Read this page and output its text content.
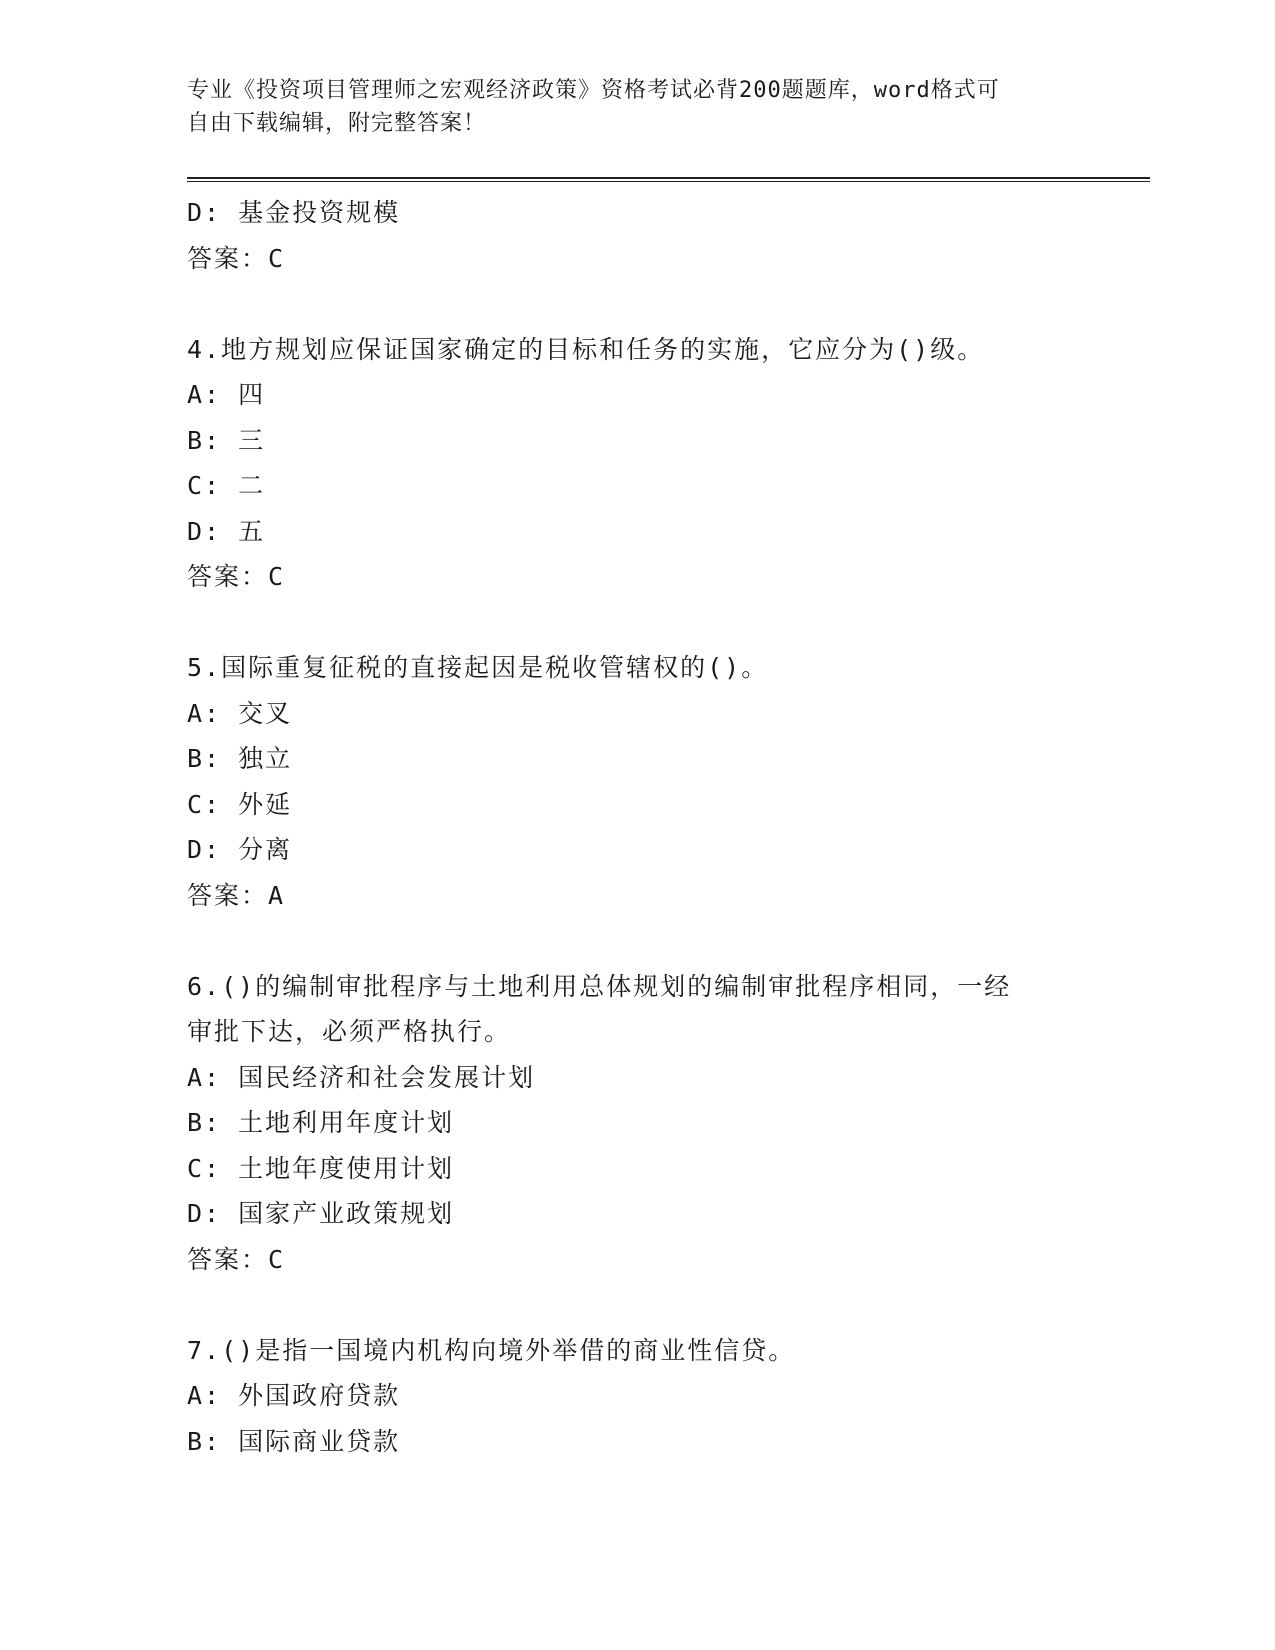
专业《投资项目管理师之宏观经济政策》资格考试必背200题题库，word格式可
自由下载编辑，附完整答案！
D: 基金投资规模
答案：C
4.地方规划应保证国家确定的目标和任务的实施，它应分为()级。
A: 四
B: 三
C: 二
D: 五
答案：C
5.国际重复征税的直接起因是税收管辖权的()。
A: 交叉
B: 独立
C: 外延
D: 分离
答案：A
6.()的编制审批程序与土地利用总体规划的编制审批程序相同，一经
审批下达，必须严格执行。
A: 国民经济和社会发展计划
B: 土地利用年度计划
C: 土地年度使用计划
D: 国家产业政策规划
答案：C
7.()是指一国境内机构向境外举借的商业性信贷。
A: 外国政府贷款
B: 国际商业贷款
